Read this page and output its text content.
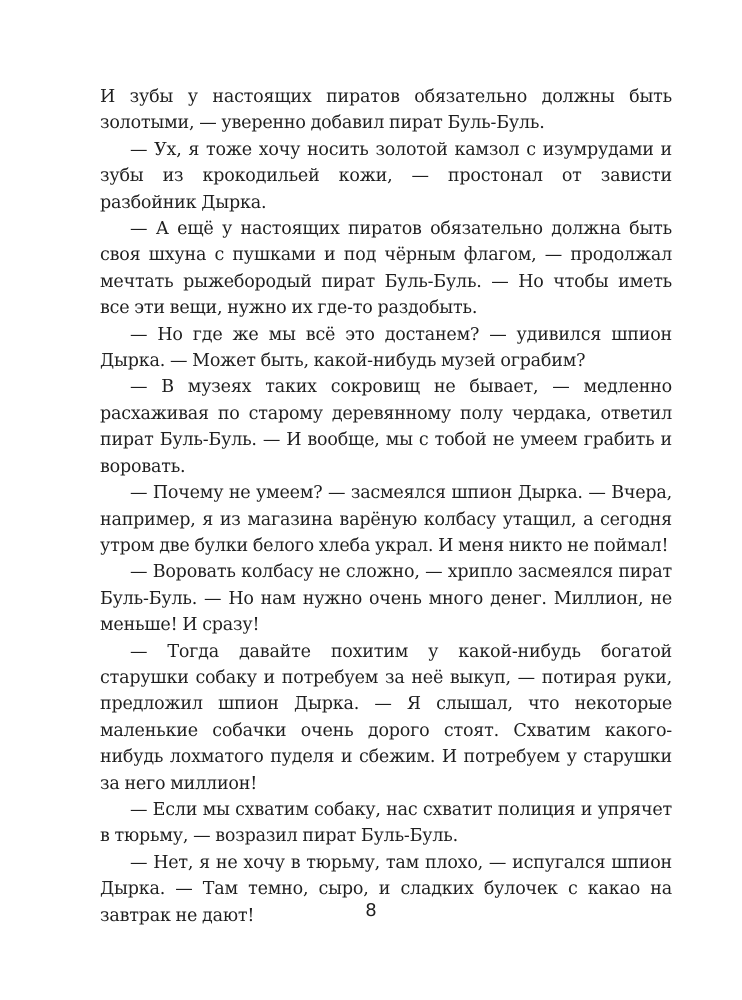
И зубы у настоящих пиратов обязательно должны быть золотыми, — уверенно добавил пират Буль-Буль.

— Ух, я тоже хочу носить золотой камзол с изумрудами и зубы из крокодильей кожи, — простонал от зависти разбойник Дырка.

— А ещё у настоящих пиратов обязательно должна быть своя шхуна с пушками и под чёрным флагом, — продолжал мечтать рыжебородый пират Буль-Буль. — Но чтобы иметь все эти вещи, нужно их где-то раздобыть.

— Но где же мы всё это достанем? — удивился шпион Дырка. — Может быть, какой-нибудь музей ограбим?

— В музеях таких сокровищ не бывает, — медленно расхаживая по старому деревянному полу чердака, ответил пират Буль-Буль. — И вообще, мы с тобой не умеем грабить и воровать.

— Почему не умеем? — засмеялся шпион Дырка. — Вчера, например, я из магазина варёную колбасу утащил, а сегодня утром две булки белого хлеба украл. И меня никто не поймал!

— Воровать колбасу не сложно, — хрипло засмеялся пират Буль-Буль. — Но нам нужно очень много денег. Миллион, не меньше! И сразу!

— Тогда давайте похитим у какой-нибудь богатой старушки собаку и потребуем за неё выкуп, — потирая руки, предложил шпион Дырка. — Я слышал, что некоторые маленькие собачки очень дорого стоят. Схватим какого-нибудь лохматого пуделя и сбежим. И потребуем у старушки за него миллион!

— Если мы схватим собаку, нас схватит полиция и упрячет в тюрьму, — возразил пират Буль-Буль.

— Нет, я не хочу в тюрьму, там плохо, — испугался шпион Дырка. — Там темно, сыро, и сладких булочек с какао на завтрак не дают!	8
